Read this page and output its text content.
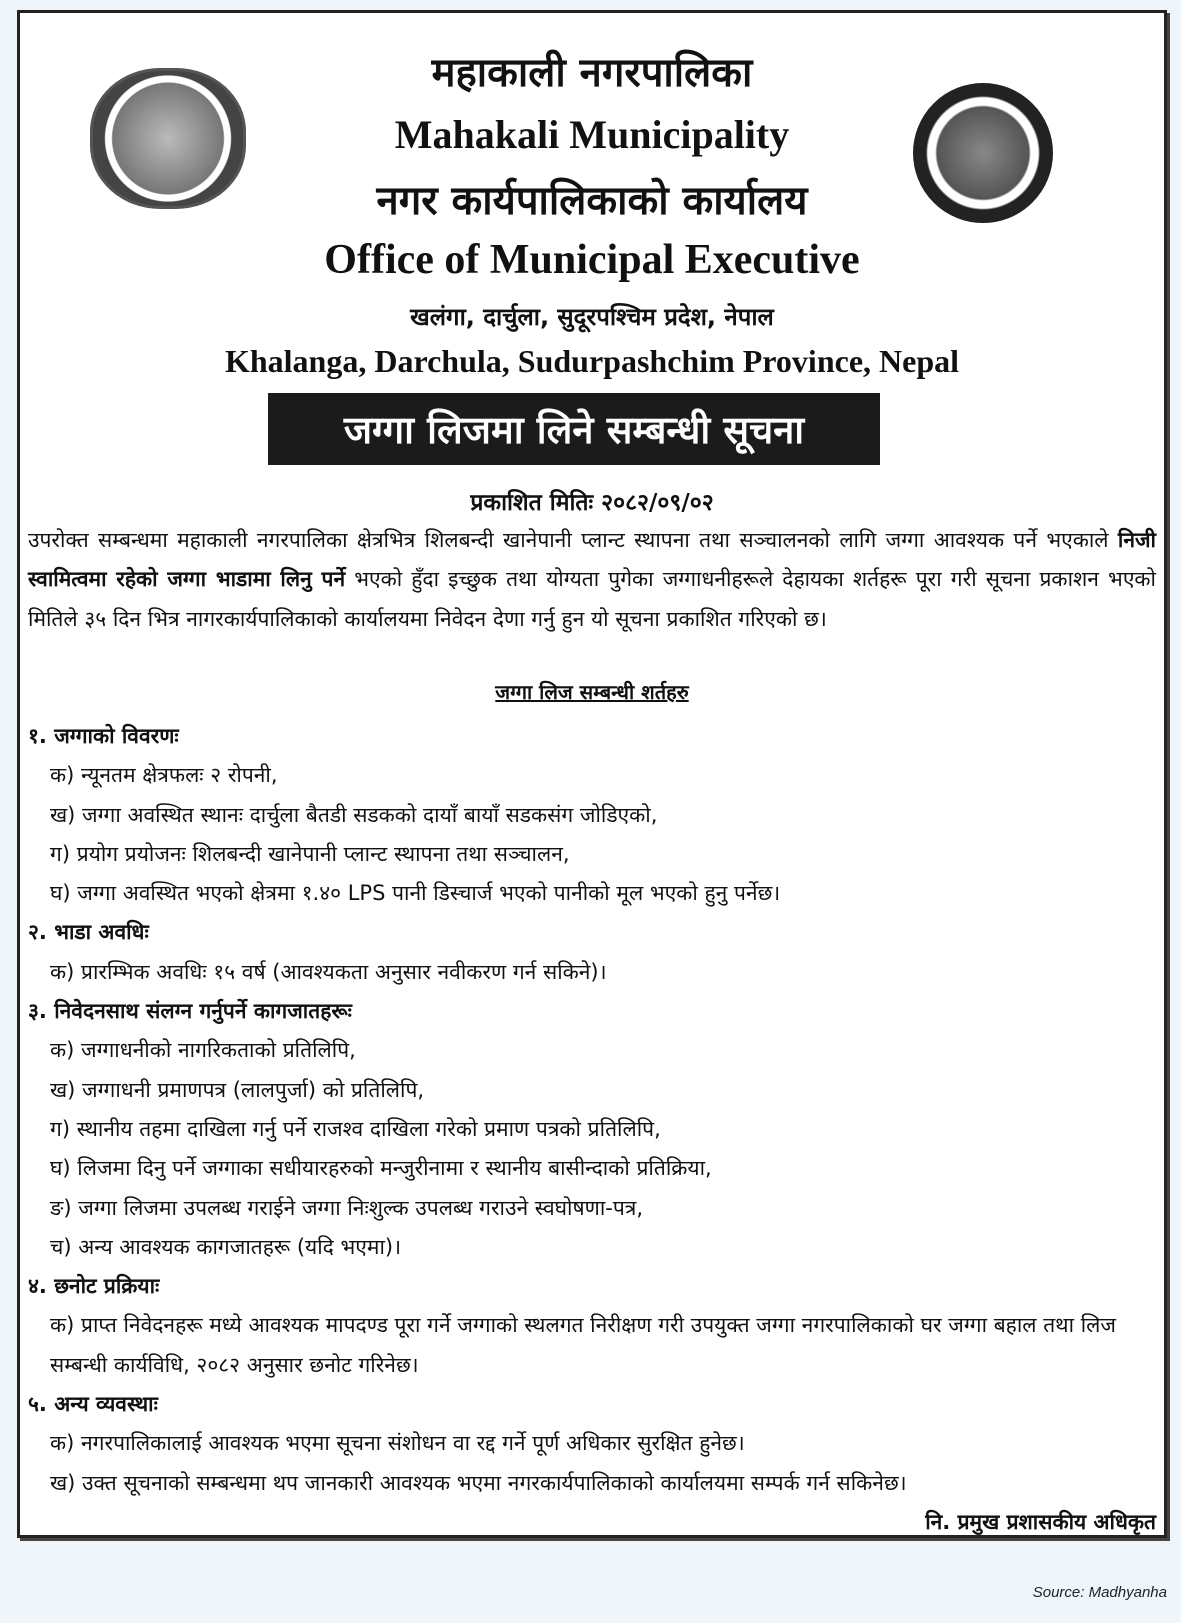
महाकाली नगरपालिका
Mahakali Municipality
नगर कार्यपालिकाको कार्यालय
Office of Municipal Executive
खलंगा, दार्चुला, सुदूरपश्चिम प्रदेश, नेपाल
Khalanga, Darchula, Sudurpashchim Province, Nepal
जग्गा लिजमा लिने सम्बन्धी सूचना
प्रकाशित मितिः २०८२/०९/०२
उपरोक्त सम्बन्धमा महाकाली नगरपालिका क्षेत्रभित्र शिलबन्दी खानेपानी प्लान्ट स्थापना तथा सञ्चालनको लागि जग्गा आवश्यक पर्ने भएकाले निजी स्वामित्वमा रहेको जग्गा भाडामा लिनु पर्ने भएको हुँदा इच्छुक तथा योग्यता पुगेका जग्गाधनीहरूले देहायका शर्तहरू पूरा गरी सूचना प्रकाशन भएको मितिले ३५ दिन भित्र नागरकार्यपालिकाको कार्यालयमा निवेदन देणा गर्नु हुन यो सूचना प्रकाशित गरिएको छ।
जग्गा लिज सम्बन्धी शर्तहरु
१. जग्गाको विवरणः
क) न्यूनतम क्षेत्रफलः २ रोपनी,
ख) जग्गा अवस्थित स्थानः दार्चुला बैतडी सडकको दायाँ बायाँ सडकसंग जोडिएको,
ग) प्रयोग प्रयोजनः शिलबन्दी खानेपानी प्लान्ट स्थापना तथा सञ्चालन,
घ) जग्गा अवस्थित भएको क्षेत्रमा १.४० LPS पानी डिस्चार्ज भएको पानीको मूल भएको हुनु पर्नेछ।
२. भाडा अवधिः
क) प्रारम्भिक अवधिः १५ वर्ष (आवश्यकता अनुसार नवीकरण गर्न सकिने)।
३. निवेदनसाथ संलग्न गर्नुपर्ने कागजातहरूः
क) जग्गाधनीको नागरिकताको प्रतिलिपि,
ख) जग्गाधनी प्रमाणपत्र (लालपुर्जा) को प्रतिलिपि,
ग) स्थानीय तहमा दाखिला गर्नु पर्ने राजश्व दाखिला गरेको प्रमाण पत्रको प्रतिलिपि,
घ) लिजमा दिनु पर्ने जग्गाका सधीयारहरुको मन्जुरीनामा र स्थानीय बासीन्दाको प्रतिक्रिया,
ङ) जग्गा लिजमा उपलब्ध गराईने जग्गा निःशुल्क उपलब्ध गराउने स्वघोषणा-पत्र,
च) अन्य आवश्यक कागजातहरू (यदि भएमा)।
४. छनोट प्रक्रियाः
क) प्राप्त निवेदनहरू मध्ये आवश्यक मापदण्ड पूरा गर्ने जग्गाको स्थलगत निरीक्षण गरी उपयुक्त जग्गा नगरपालिकाको घर जग्गा बहाल तथा लिज सम्बन्धी कार्यविधि, २०८२ अनुसार छनोट गरिनेछ।
५. अन्य व्यवस्थाः
क) नगरपालिकालाई आवश्यक भएमा सूचना संशोधन वा रद्द गर्ने पूर्ण अधिकार सुरक्षित हुनेछ।
ख) उक्त सूचनाको सम्बन्धमा थप जानकारी आवश्यक भएमा नगरकार्यपालिकाको कार्यालयमा सम्पर्क गर्न सकिनेछ।
नि. प्रमुख प्रशासकीय अधिकृत
Source: Madhyanha
